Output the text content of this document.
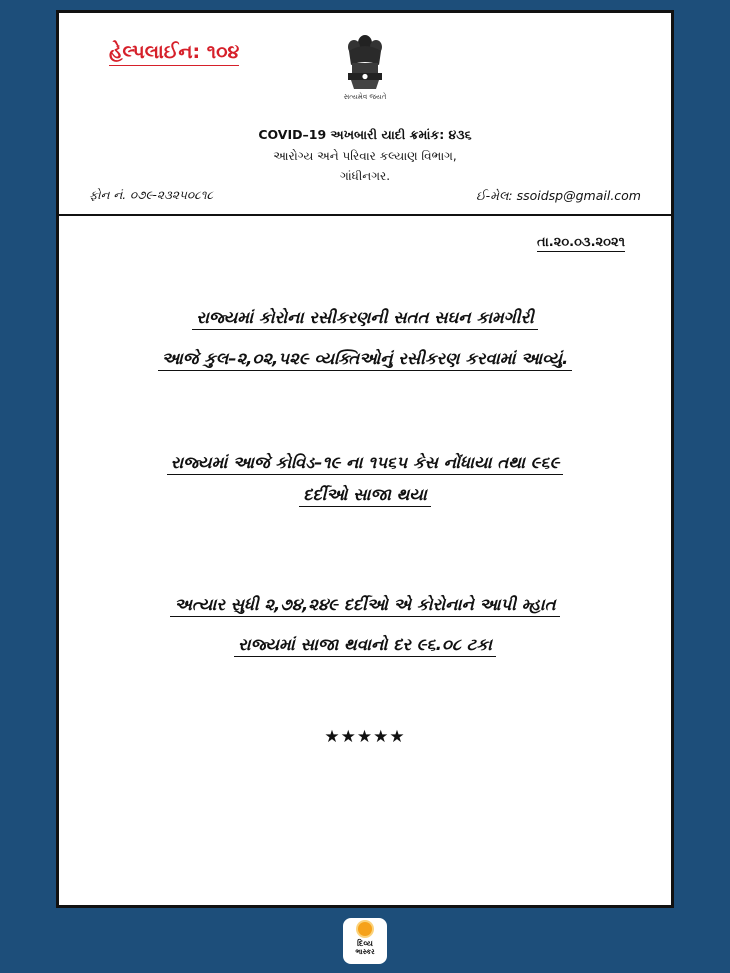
હેલ્પલાઈન: ૧૦૪
સત્યમેવ જયતે
COVID–19 અખબારી યાદી ક્રમાંક: ૪૩૬
આરોગ્ય અને પરિવાર કલ્યાણ વિભાગ,
ગાંધીનગર.
ફોન નં. ૦૭૯-૨૩૨૫૦૮૧૮	ઈ-મેલ: ssoidsp@gmail.com
તા.૨૦.૦૩.૨૦૨૧
રાજ્યમાં કોરોના રસીકરણની સતત સઘન કામગીરી
આજે કુલ–૨,૦૨,૫૨૯ વ્યક્તિઓનું રસીકરણ કરવામાં આવ્યું.
રાજ્યમાં આજે કોવિડ–૧૯ ના ૧૫૬૫ કેસ નોંધાયા તથા ૯૬૯
દર્દીઓ સાજા થયા
અત્યાર સુધી ૨,૭૪,૨૪૯ દર્દીઓ એ કોરોનાને આપી મ્હાત
રાજ્યમાં સાજા થવાનો દર ૯૬.૦૮ ટકા
★★★★★
દિવ્ય
ભાસ્કર
